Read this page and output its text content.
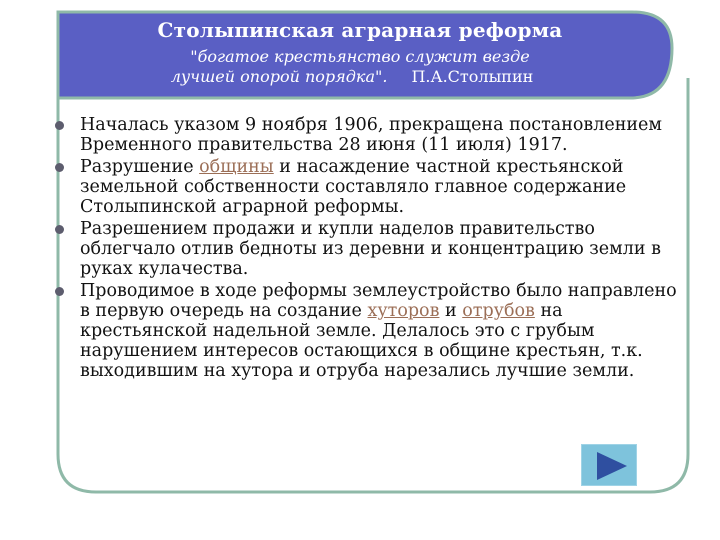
Столыпинская аграрная реформа
"богатое крестьянство служит везде
лучшей опорой порядка". П.А.Столыпин
Началась указом 9 ноября 1906, прекращена постановлением Временного правительства 28 июня (11 июля) 1917.
Разрушение общины и насаждение частной крестьянской земельной собственности составляло главное содержание Столыпинской аграрной реформы.
Разрешением продажи и купли наделов правительство облегчало отлив бедноты из деревни и концентрацию земли в руках кулачества.
Проводимое в ходе реформы землеустройство было направлено в первую очередь на создание хуторов и отрубов на крестьянской надельной земле. Делалось это с грубым нарушением интересов остающихся в общине крестьян, т.к. выходившим на хутора и отруба нарезались лучшие земли.
